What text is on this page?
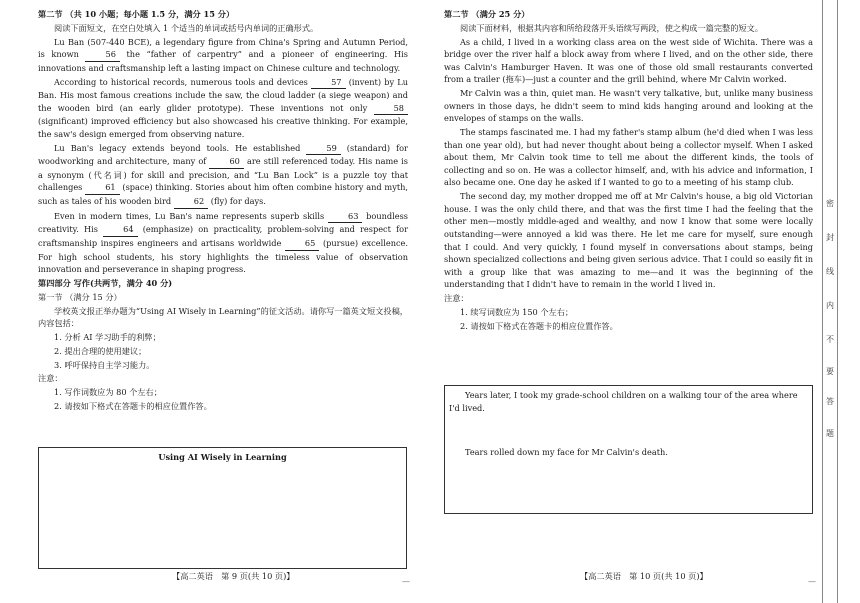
第二节 （共 10 小题；每小题 1.5 分，满分 15 分）

阅读下面短文，在空白处填入 1 个适当的单词或括号内单词的正确形式。

Lu Ban (507-440 BCE), a legendary figure from China's Spring and Autumn Period, is known 56 the “father of carpentry” and a pioneer of engineering. His innovations and craftsmanship left a lasting impact on Chinese culture and technology.

According to historical records, numerous tools and devices 57 (invent) by Lu Ban. His most famous creations include the saw, the cloud ladder (a siege weapon) and the wooden bird (an early glider prototype). These inventions not only 58 (significant) improved efficiency but also showcased his creative thinking. For example, the saw's design emerged from observing nature.

Lu Ban's legacy extends beyond tools. He established 59 (standard) for woodworking and architecture, many of 60 are still referenced today. His name is a synonym (代名词) for skill and precision, and “Lu Ban Lock” is a puzzle toy that challenges 61 (space) thinking. Stories about him often combine history and myth, such as tales of his wooden bird 62 (fly) for days.

Even in modern times, Lu Ban's name represents superb skills 63 boundless creativity. His 64 (emphasize) on practicality, problem-solving and respect for craftsmanship inspires engineers and artisans worldwide 65 (pursue) excellence. For high school students, his story highlights the timeless value of observation innovation and perseverance in shaping progress.

第四部分 写作(共两节，满分 40 分)

第一节 （满分 15 分）

学校英文报正举办题为“Using AI Wisely in Learning”的征文活动。请你写一篇英文短文投稿，内容包括：

1. 分析 AI 学习助手的利弊；

2. 提出合理的使用建议；

3. 呼吁保持自主学习能力。

注意：

1. 写作词数应为 80 个左右；

2. 请按如下格式在答题卡的相应位置作答。

Using AI Wisely in Learning
【高二英语　第 9 页(共 10 页)】
—

第二节 （满分 25 分）

阅读下面材料，根据其内容和所给段落开头语续写两段，使之构成一篇完整的短文。

As a child, I lived in a working class area on the west side of Wichita. There was a bridge over the river half a block away from where I lived, and on the other side, there was Calvin's Hamburger Haven. It was one of those old small restaurants converted from a trailer (拖车)—just a counter and the grill behind, where Mr Calvin worked.

Mr Calvin was a thin, quiet man. He wasn't very talkative, but, unlike many business owners in those days, he didn't seem to mind kids hanging around and looking at the envelopes of stamps on the walls.

The stamps fascinated me. I had my father's stamp album (he'd died when I was less than one year old), but had never thought about being a collector myself. When I asked about them, Mr Calvin took time to tell me about the different kinds, the tools of collecting and so on. He was a collector himself, and, with his advice and information, I also became one. One day he asked if I wanted to go to a meeting of his stamp club.

The second day, my mother dropped me off at Mr Calvin's house, a big old Victorian house. I was the only child there, and that was the first time I had the feeling that the other men—mostly middle-aged and wealthy, and now I know that some were locally outstanding—were annoyed a kid was there. He let me care for myself, sure enough that I could. And very quickly, I found myself in conversations about stamps, being shown specialized collections and being given serious advice. That I could so easily fit in with a group like that was amazing to me—and it was the beginning of the understanding that I didn't have to remain in the world I lived in.

注意：

1. 续写词数应为 150 个左右；

2. 请按如下格式在答题卡的相应位置作答。

Years later, I took my grade-school children on a walking tour of the area where I'd lived.
Tears rolled down my face for Mr Calvin's death.
【高二英语　第 10 页(共 10 页)】
—
密
封
线
内
不
要
答
题
